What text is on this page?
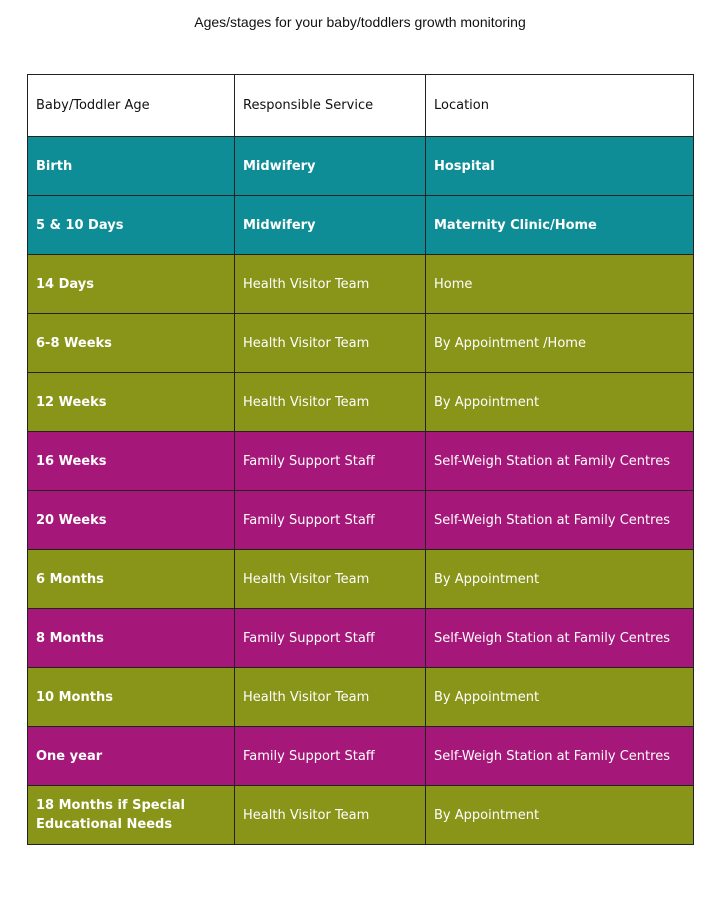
Ages/stages for your baby/toddlers growth monitoring
Baby/Toddler Age	Responsible Service	Location
Birth	Midwifery	Hospital
5 & 10 Days	Midwifery	Maternity Clinic/Home
14 Days	Health Visitor Team	Home
6-8 Weeks	Health Visitor Team	By Appointment /Home
12 Weeks	Health Visitor Team	By Appointment
16 Weeks	Family Support Staff	Self-Weigh Station at Family Centres
20 Weeks	Family Support Staff	Self-Weigh Station at Family Centres
6 Months	Health Visitor Team	By Appointment
8 Months	Family Support Staff	Self-Weigh Station at Family Centres
10 Months	Health Visitor Team	By Appointment
One year	Family Support Staff	Self-Weigh Station at Family Centres
18 Months if Special Educational Needs	Health Visitor Team	By Appointment
